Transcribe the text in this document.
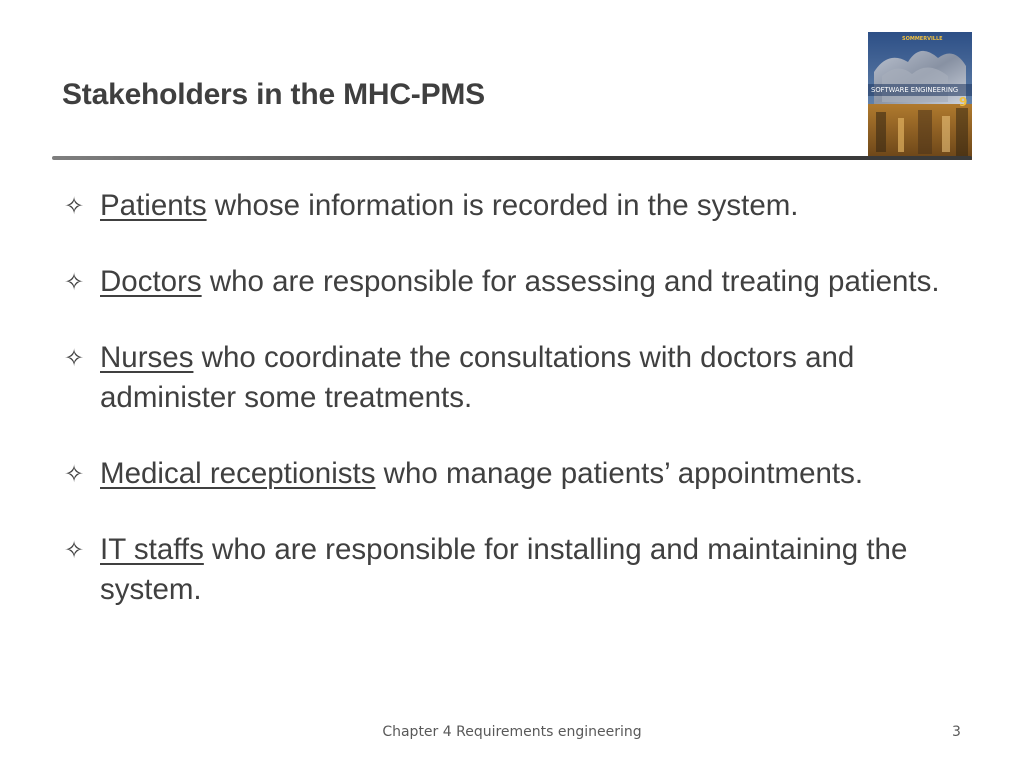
Stakeholders in the MHC-PMS
SOMMERVILLE
SOFTWARE ENGINEERING
9
✧ Patients whose information is recorded in the system.
✧ Doctors who are responsible for assessing and treating patients.
✧ Nurses who coordinate the consultations with doctors and administer some treatments.
✧ Medical receptionists who manage patients’ appointments.
✧ IT staffs who are responsible for installing and maintaining the system.
Chapter 4 Requirements engineering	3
